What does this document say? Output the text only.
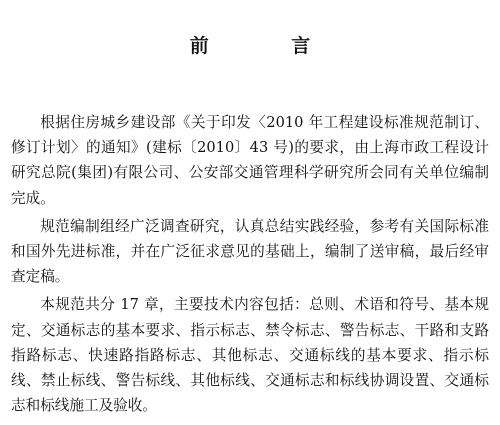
前 言

根据住房城乡建设部《关于印发〈2010 年工程建设标准规范制订、修订计划〉的通知》(建标〔2010〕43 号)的要求，由上海市政工程设计研究总院(集团)有限公司、公安部交通管理科学研究所会同有关单位编制完成。

规范编制组经广泛调查研究，认真总结实践经验，参考有关国际标准和国外先进标准，并在广泛征求意见的基础上，编制了送审稿，最后经审查定稿。

本规范共分 17 章，主要技术内容包括：总则、术语和符号、基本规定、交通标志的基本要求、指示标志、禁令标志、警告标志、干路和支路指路标志、快速路指路标志、其他标志、交通标线的基本要求、指示标线、禁止标线、警告标线、其他标线、交通标志和标线协调设置、交通标志和标线施工及验收。
